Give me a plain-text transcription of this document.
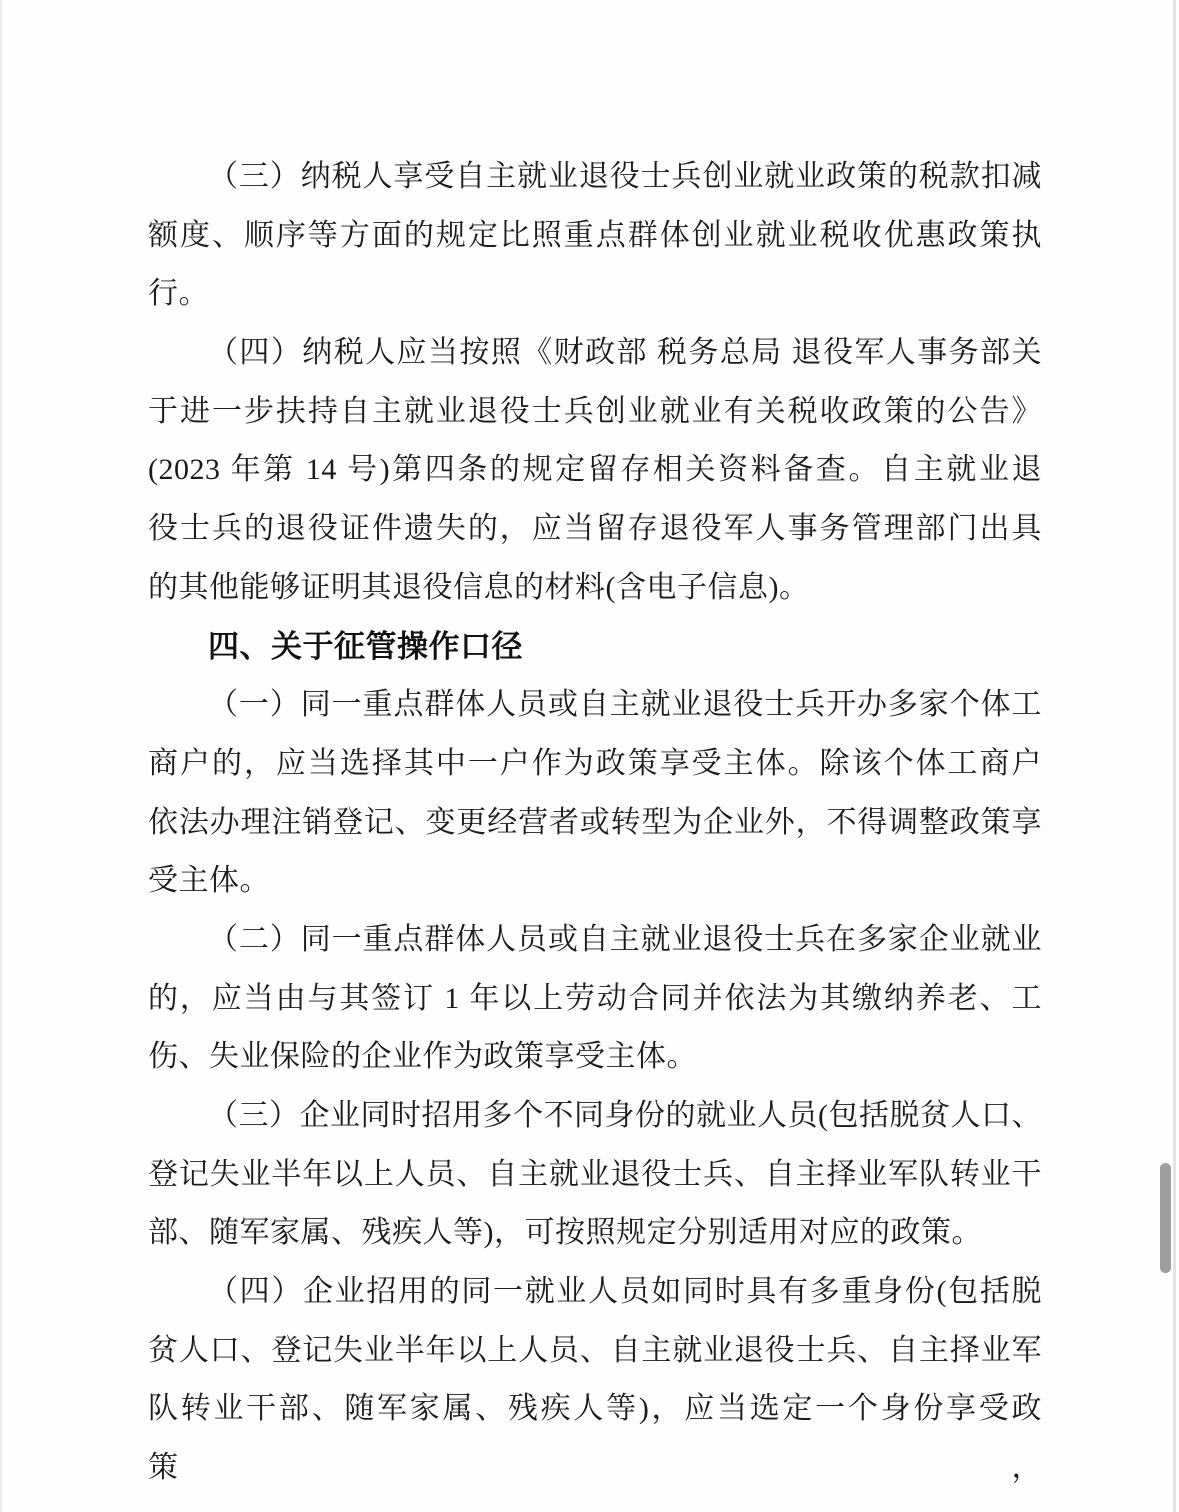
（三）纳税人享受自主就业退役士兵创业就业政策的税款扣减
额度、顺序等方面的规定比照重点群体创业就业税收优惠政策执
行。
（四）纳税人应当按照《财政部 税务总局 退役军人事务部关
于进一步扶持自主就业退役士兵创业就业有关税收政策的公告》
(2023 年第 14 号)第四条的规定留存相关资料备查。自主就业退
役士兵的退役证件遗失的，应当留存退役军人事务管理部门出具
的其他能够证明其退役信息的材料(含电子信息)。
四、关于征管操作口径
（一）同一重点群体人员或自主就业退役士兵开办多家个体工
商户的，应当选择其中一户作为政策享受主体。除该个体工商户
依法办理注销登记、变更经营者或转型为企业外，不得调整政策享
受主体。
（二）同一重点群体人员或自主就业退役士兵在多家企业就业
的，应当由与其签订 1 年以上劳动合同并依法为其缴纳养老、工
伤、失业保险的企业作为政策享受主体。
（三）企业同时招用多个不同身份的就业人员(包括脱贫人口、
登记失业半年以上人员、自主就业退役士兵、自主择业军队转业干
部、随军家属、残疾人等)，可按照规定分别适用对应的政策。
（四）企业招用的同一就业人员如同时具有多重身份(包括脱
贫人口、登记失业半年以上人员、自主就业退役士兵、自主择业军
队转业干部、随军家属、残疾人等)，应当选定一个身份享受政策，
